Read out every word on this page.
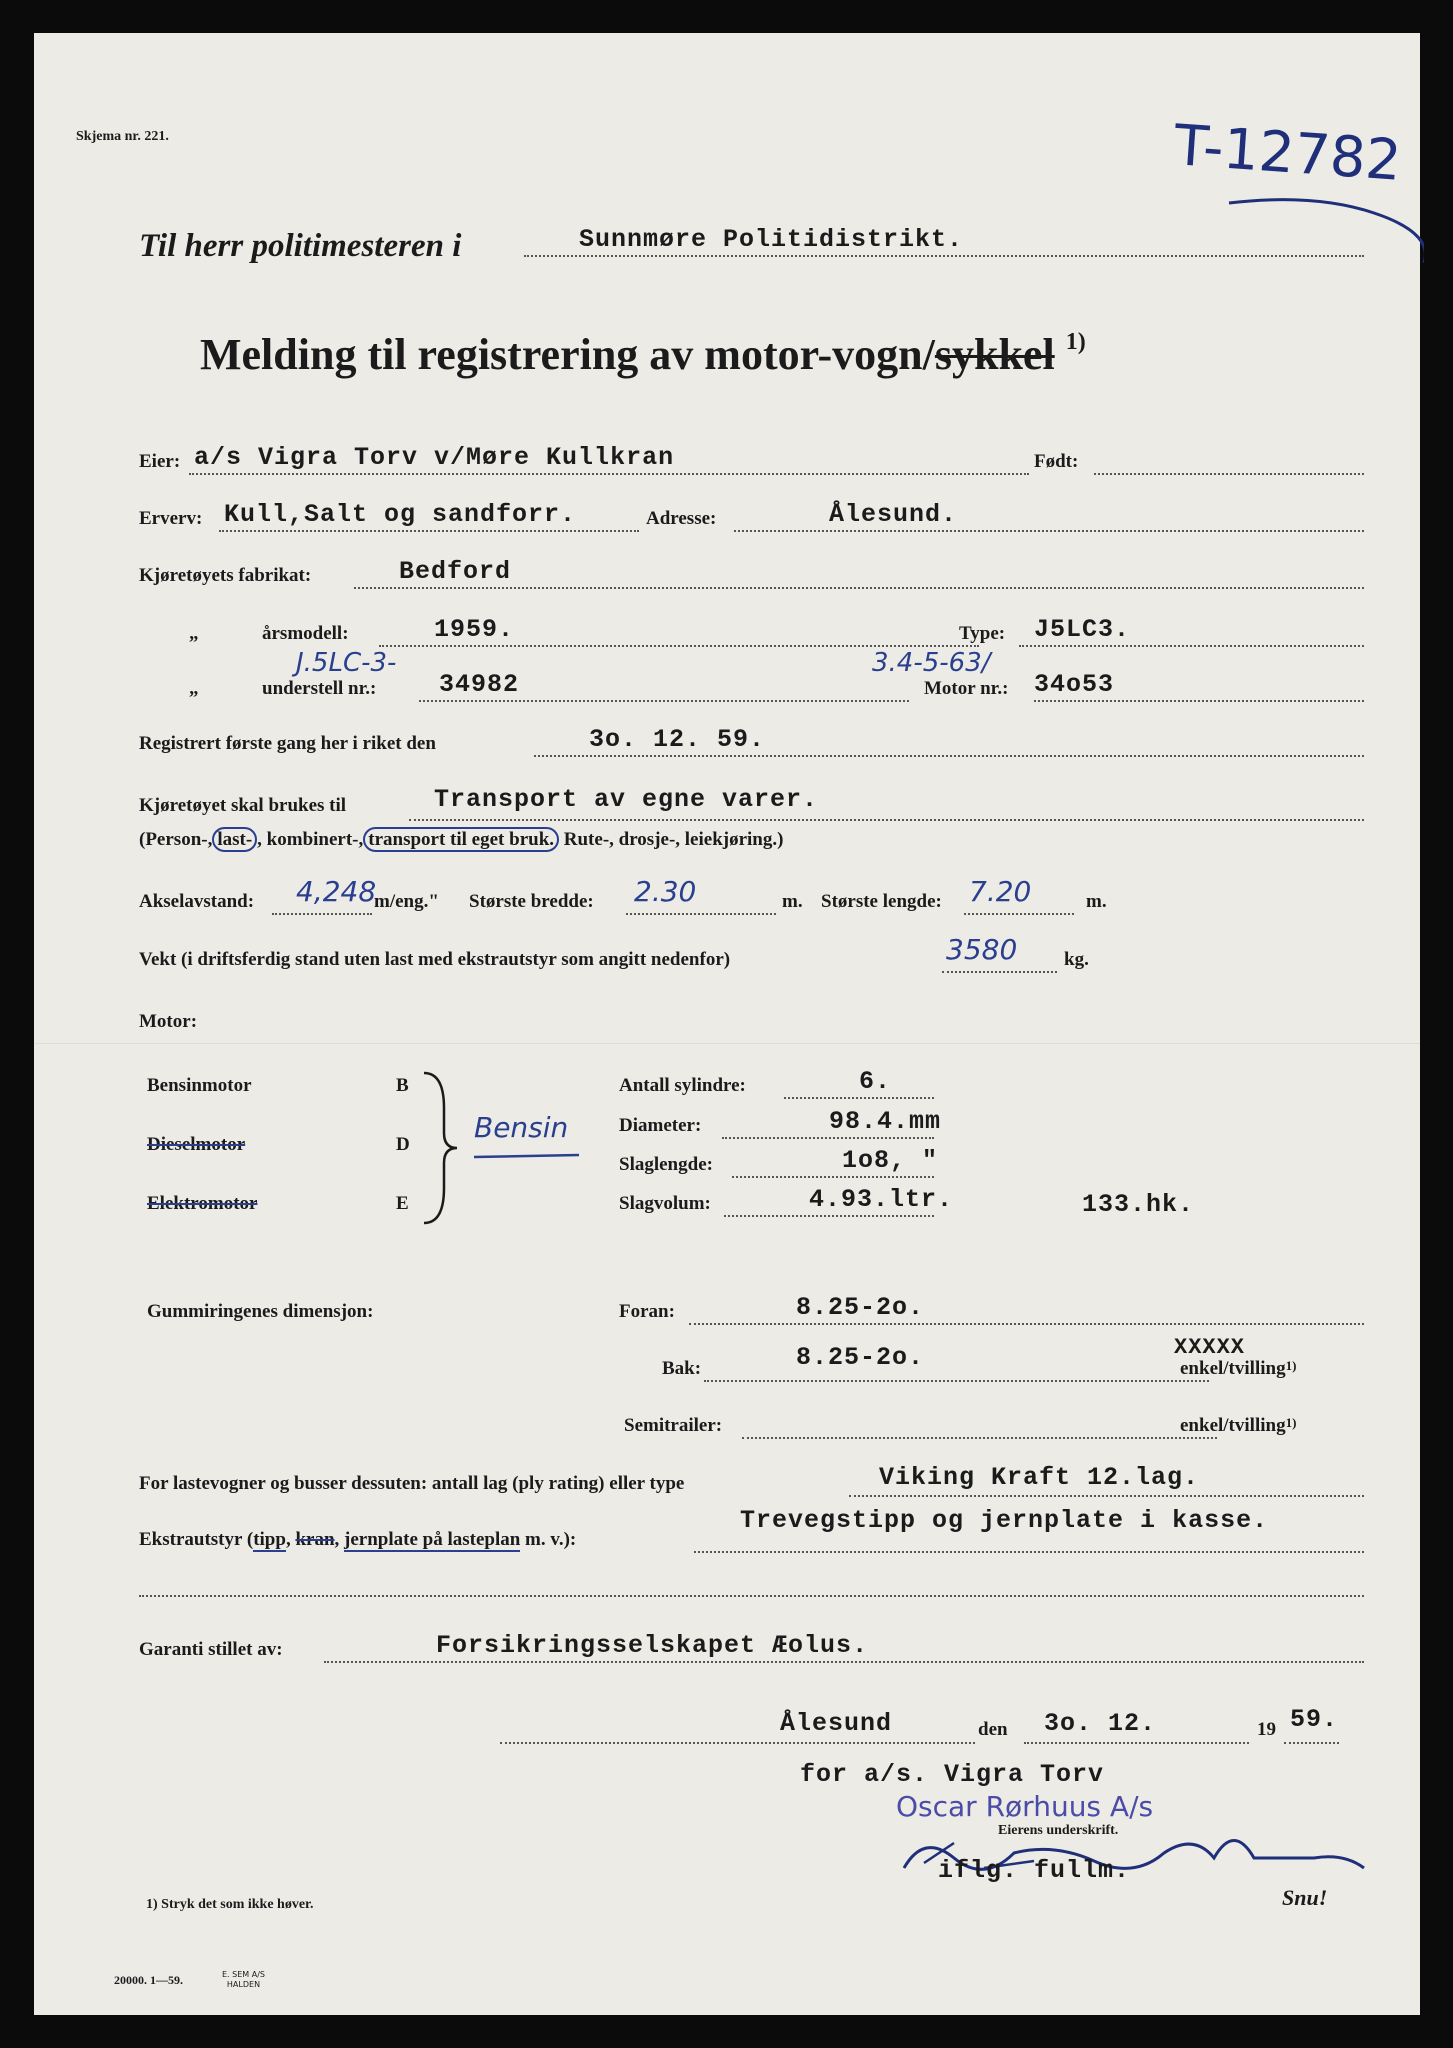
Skjema nr. 221.	T-12782
Til herr politimesteren i	Sunnmøre Politidistrikt.
Melding til registrering av motor-vogn/sykkel $^{1)}$
Eier: a/s Vigra Torv v/Møre Kullkran	Født:
Erverv: Kull,Salt og sandforr.	Adresse:	Ålesund.
Kjøretøyets fabrikat:	Bedford
„	årsmodell:	1959.	Type: J5LC3.
„
J.5LC-3-
understell nr.:	34982
3.4-5-63/
Motor nr.: 34o53
Registrert første gang her i riket den	3o. 12. 59.
Kjøretøyet skal brukes til	Transport av egne varer.
(Person-, last- , kombinert-, transport til eget bruk. Rute-, drosje-, leiekjøring.)
Akselavstand: 4,248
m/eng." Største bredde: 2.30	m. Største lengde: 7.20	m.
Vekt (i driftsferdig stand uten last med ekstrautstyr som angitt nedenfor)	3580 kg.
Motor:
Bensinmotor	B
Dieselmotor	D
Elektromotor	E
Bensin
Antall sylindre:	6.
Diameter:	98.4.mm
Slaglengde:	1o8, "
Slagvolum:	4.93.ltr.	133.hk.
Gummiringenes dimensjon:	Foran:	8.25-2o.
Bak:	8.25-2o.	XXXXX
enkel/tvilling$^{1)}$
Semitrailer:	enkel/tvilling$^{1)}$
For lastevogner og busser dessuten: antall lag (ply rating) eller type	Viking Kraft 12.lag.
Ekstrautstyr (tipp, kran, jernplate på lasteplan m. v.):
Trevegstipp og jernplate i kasse.
Garanti stillet av:	Forsikringsselskapet Æolus.
Ålesund	den 3o. 12.	19 59.
for a/s. Vigra Torv
Oscar Rørhuus A/s
Eierens underskrift.
iflg. fullm.
1) Stryk det som ikke høver.	Snu!
20000. 1—59.	E. SEM A/S
HALDEN
